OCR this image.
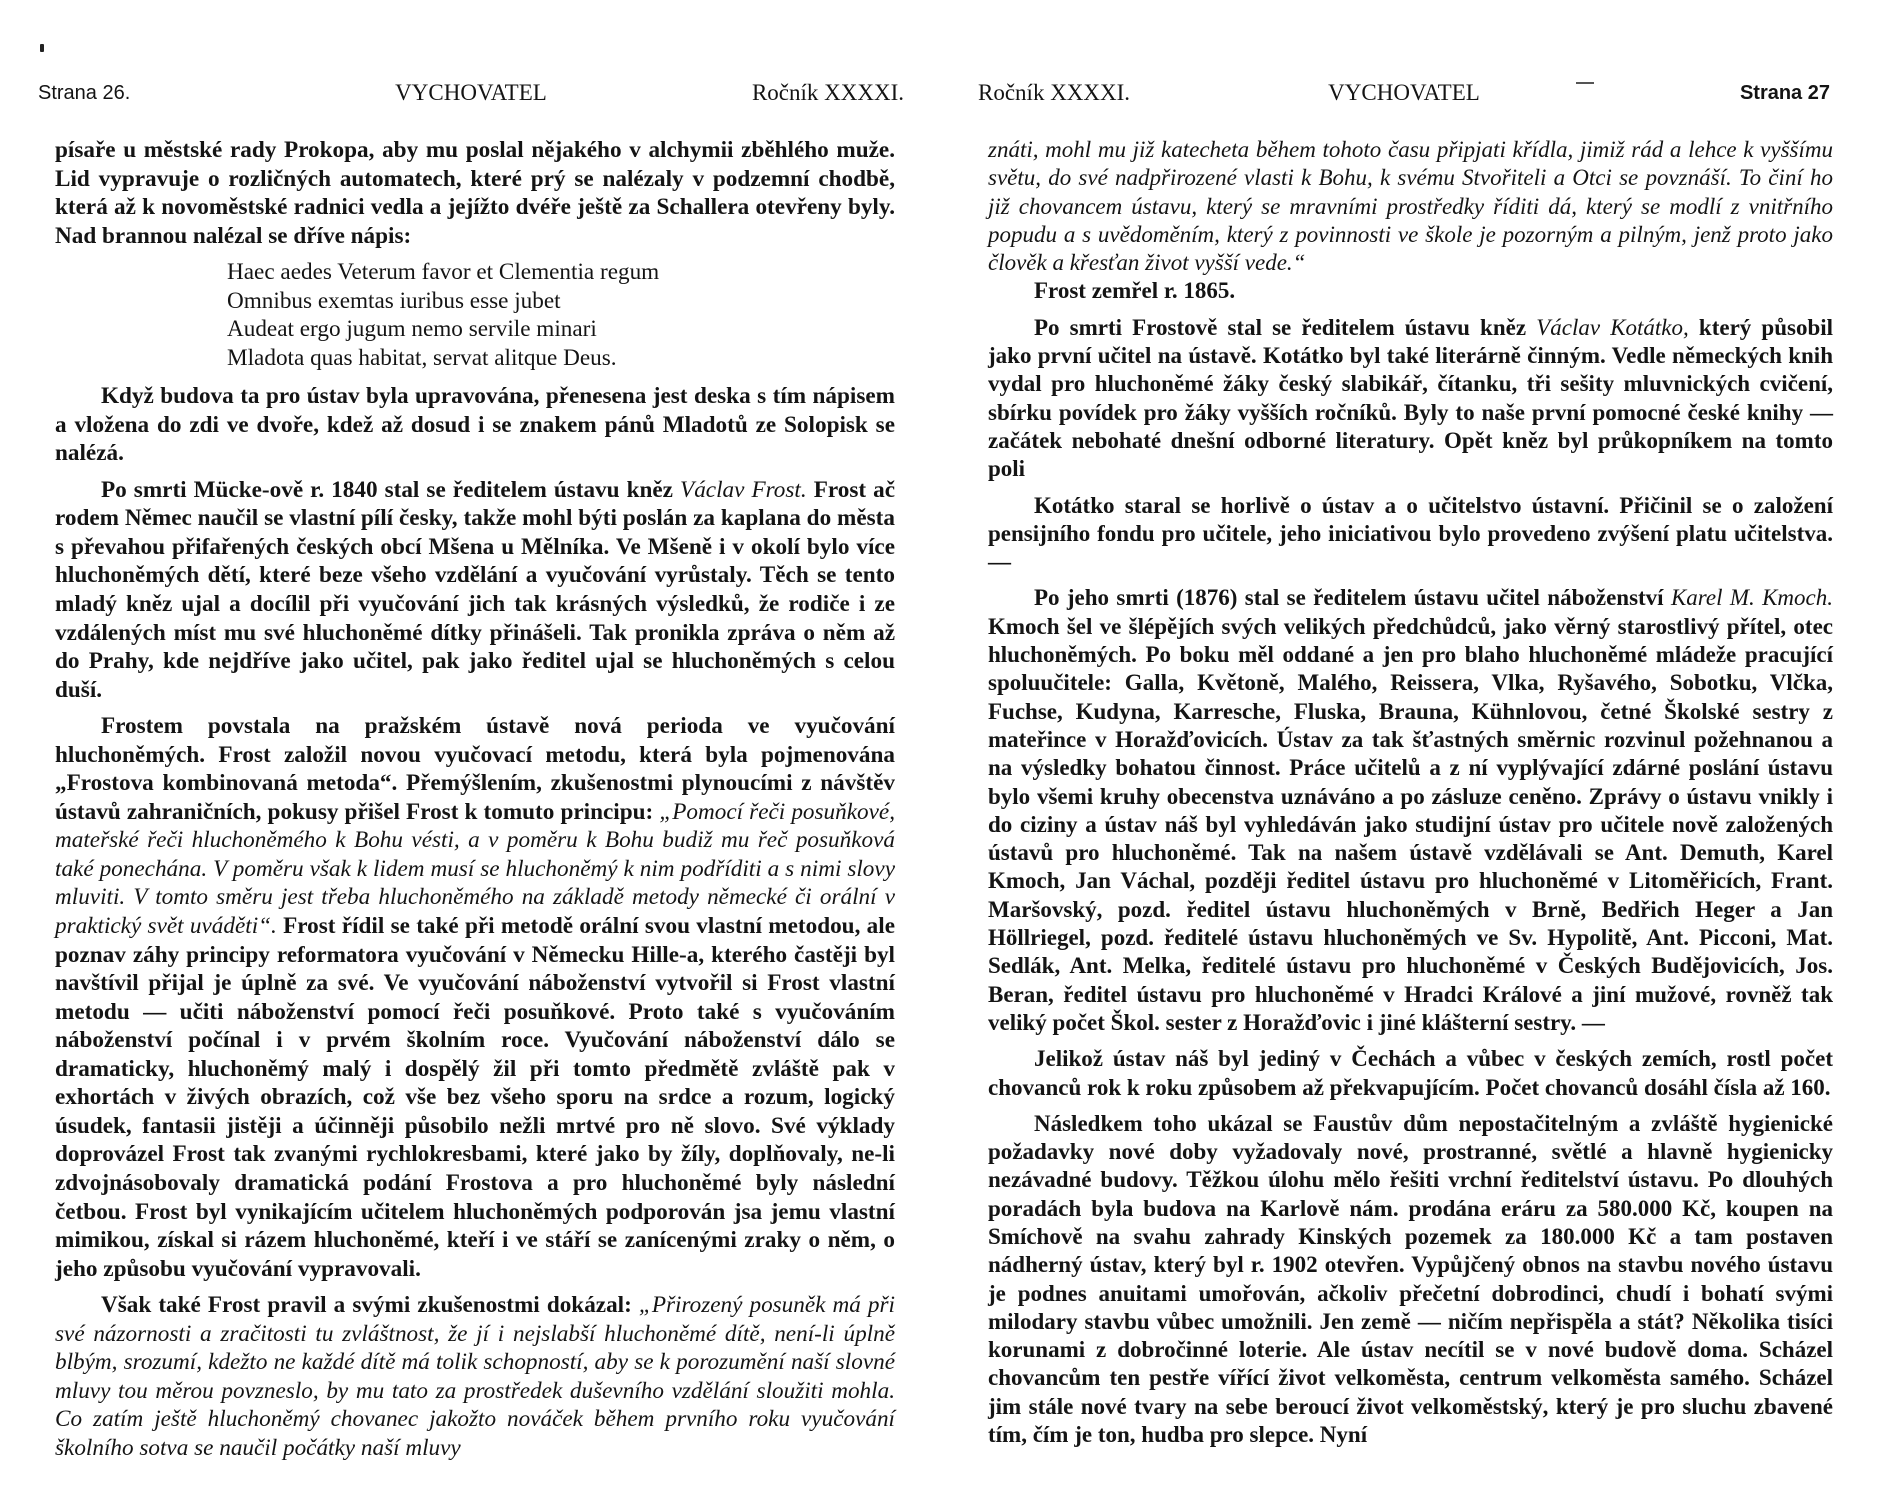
Strana 26.	VYCHOVATEL	Ročník XXXXI.

písaře u městské rady Prokopa, aby mu poslal nějakého v alchymii zběhlého muže. Lid vypravuje o rozličných automatech, které prý se nalézaly v podzemní chodbě, která až k novoměstské radnici vedla a jejížto dvéře ještě za Schallera otevřeny byly. Nad brannou nalézal se dříve nápis:

Haec aedes Veterum favor et Clementia regum
Omnibus exemtas iuribus esse jubet
Audeat ergo jugum nemo servile minari
Mladota quas habitat, servat alitque Deus.

Když budova ta pro ústav byla upravována, přenesena jest deska s tím nápisem a vložena do zdi ve dvoře, kdež až dosud i se znakem pánů Mladotů ze Solopisk se nalézá.

Po smrti Mücke-ově r. 1840 stal se ředitelem ústavu kněz Václav Frost. Frost ač rodem Němec naučil se vlastní pílí česky, takže mohl býti poslán za kaplana do města s převahou přifařených českých obcí Mšena u Mělníka. Ve Mšeně i v okolí bylo více hluchoněmých dětí, které beze všeho vzdělání a vyučování vyrůstaly. Těch se tento mladý kněz ujal a docílil při vyučování jich tak krásných výsledků, že rodiče i ze vzdálených míst mu své hluchoněmé dítky přinášeli. Tak pronikla zpráva o něm až do Prahy, kde nejdříve jako učitel, pak jako ředitel ujal se hluchoněmých s celou duší.

Frostem povstala na pražském ústavě nová perioda ve vyučování hluchoněmých. Frost založil novou vyučovací metodu, která byla pojmenována „Frostova kombinovaná metoda“. Přemýšlením, zkušenostmi plynoucími z návštěv ústavů zahraničních, pokusy přišel Frost k tomuto principu: „Pomocí řeči posuňkové, mateřské řeči hluchoněmého k Bohu vésti, a v poměru k Bohu budiž mu řeč posuňková také ponechána. V poměru však k lidem musí se hluchoněmý k nim podříditi a s nimi slovy mluviti. V tomto směru jest třeba hluchoněmého na základě metody německé či orální v praktický svět uváděti“. Frost řídil se také při metodě orální svou vlastní metodou, ale poznav záhy principy reformatora vyučování v Německu Hille-a, kterého častěji byl navštívil přijal je úplně za své. Ve vyučování náboženství vytvořil si Frost vlastní metodu — učiti náboženství pomocí řeči posuňkové. Proto také s vyučováním náboženství počínal i v prvém školním roce. Vyučování náboženství dálo se dramaticky, hluchoněmý malý i dospělý žil při tomto předmětě zvláště pak v exhortách v živých obrazích, což vše bez všeho sporu na srdce a rozum, logický úsudek, fantasii jistěji a účinněji působilo nežli mrtvé pro ně slovo. Své výklady doprovázel Frost tak zvanými rychlokresbami, které jako by žíly, doplňovaly, ne-li zdvojnásobovaly dramatická podání Frostova a pro hluchoněmé byly následní četbou. Frost byl vynikajícím učitelem hluchoněmých podporován jsa jemu vlastní mimikou, získal si rázem hluchoněmé, kteří i ve stáří se zanícenými zraky o něm, o jeho způsobu vyučování vypravovali.

Však také Frost pravil a svými zkušenostmi dokázal: „Přirozený posuněk má při své názornosti a zračitosti tu zvláštnost, že jí i nejslabší hluchoněmé dítě, není-li úplně blbým, srozumí, kdežto ne každé dítě má tolik schopností, aby se k porozumění naší slovné mluvy tou měrou povzneslo, by mu tato za prostředek duševního vzdělání sloužiti mohla. Co zatím ještě hluchoněmý chovanec jakožto nováček během prvního roku vyučování školního sotva se naučil počátky naší mluvy

Ročník XXXXI.	VYCHOVATEL	Strana 27

znáti, mohl mu již katecheta během tohoto času připjati křídla, jimiž rád a lehce k vyššímu světu, do své nadpřirozené vlasti k Bohu, k svému Stvořiteli a Otci se povznáší. To činí ho již chovancem ústavu, který se mravními prostředky říditi dá, který se modlí z vnitřního popudu a s uvědoměním, který z povinnosti ve škole je pozorným a pilným, jenž proto jako člověk a křesťan život vyšší vede.“

Frost zemřel r. 1865.

Po smrti Frostově stal se ředitelem ústavu kněz Václav Kotátko, který působil jako první učitel na ústavě. Kotátko byl také literárně činným. Vedle německých knih vydal pro hluchoněmé žáky český slabikář, čítanku, tři sešity mluvnických cvičení, sbírku povídek pro žáky vyšších ročníků. Byly to naše první pomocné české knihy — začátek nebohaté dnešní odborné literatury. Opět kněz byl průkopníkem na tomto poli

Kotátko staral se horlivě o ústav a o učitelstvo ústavní. Přičinil se o založení pensijního fondu pro učitele, jeho iniciativou bylo provedeno zvýšení platu učitelstva. —

Po jeho smrti (1876) stal se ředitelem ústavu učitel náboženství Karel M. Kmoch. Kmoch šel ve šlépějích svých velikých předchůdců, jako věrný starostlivý přítel, otec hluchoněmých. Po boku měl oddané a jen pro blaho hluchoněmé mládeže pracující spoluučitele: Galla, Květoně, Malého, Reissera, Vlka, Ryšavého, Sobotku, Vlčka, Fuchse, Kudyna, Karresche, Fluska, Brauna, Kühnlovou, četné Školské sestry z mateřince v Horažďovicích. Ústav za tak šťastných směrnic rozvinul požehnanou a na výsledky bohatou činnost. Práce učitelů a z ní vyplývající zdárné poslání ústavu bylo všemi kruhy obecenstva uznáváno a po zásluze ceněno. Zprávy o ústavu vnikly i do ciziny a ústav náš byl vyhledáván jako studijní ústav pro učitele nově založených ústavů pro hluchoněmé. Tak na našem ústavě vzdělávali se Ant. Demuth, Karel Kmoch, Jan Váchal, později ředitel ústavu pro hluchoněmé v Litoměřicích, Frant. Maršovský, pozd. ředitel ústavu hluchoněmých v Brně, Bedřich Heger a Jan Höllriegel, pozd. ředitelé ústavu hluchoněmých ve Sv. Hypolitě, Ant. Picconi, Mat. Sedlák, Ant. Melka, ředitelé ústavu pro hluchoněmé v Českých Budějovicích, Jos. Beran, ředitel ústavu pro hluchoněmé v Hradci Králové a jiní mužové, rovněž tak veliký počet Škol. sester z Horažďovic i jiné klášterní sestry. —

Jelikož ústav náš byl jediný v Čechách a vůbec v českých zemích, rostl počet chovanců rok k roku způsobem až překvapujícím. Počet chovanců dosáhl čísla až 160.

Následkem toho ukázal se Faustův dům nepostačitelným a zvláště hygienické požadavky nové doby vyžadovaly nové, prostranné, světlé a hlavně hygienicky nezávadné budovy. Těžkou úlohu mělo řešiti vrchní ředitelství ústavu. Po dlouhých poradách byla budova na Karlově nám. prodána eráru za 580.000 Kč, koupen na Smíchově na svahu zahrady Kinských pozemek za 180.000 Kč a tam postaven nádherný ústav, který byl r. 1902 otevřen. Vypůjčený obnos na stavbu nového ústavu je podnes anuitami umořován, ačkoliv přečetní dobrodinci, chudí i bohatí svými milodary stavbu vůbec umožnili. Jen země — ničím nepřispěla a stát? Několika tisíci korunami z dobročinné loterie. Ale ústav necítil se v nové budově doma. Scházel chovancům ten pestře vířící život velkoměsta, centrum velkoměsta samého. Scházel jim stále nové tvary na sebe beroucí život velkoměstský, který je pro sluchu zbavené tím, čím je ton, hudba pro slepce. Nyní
